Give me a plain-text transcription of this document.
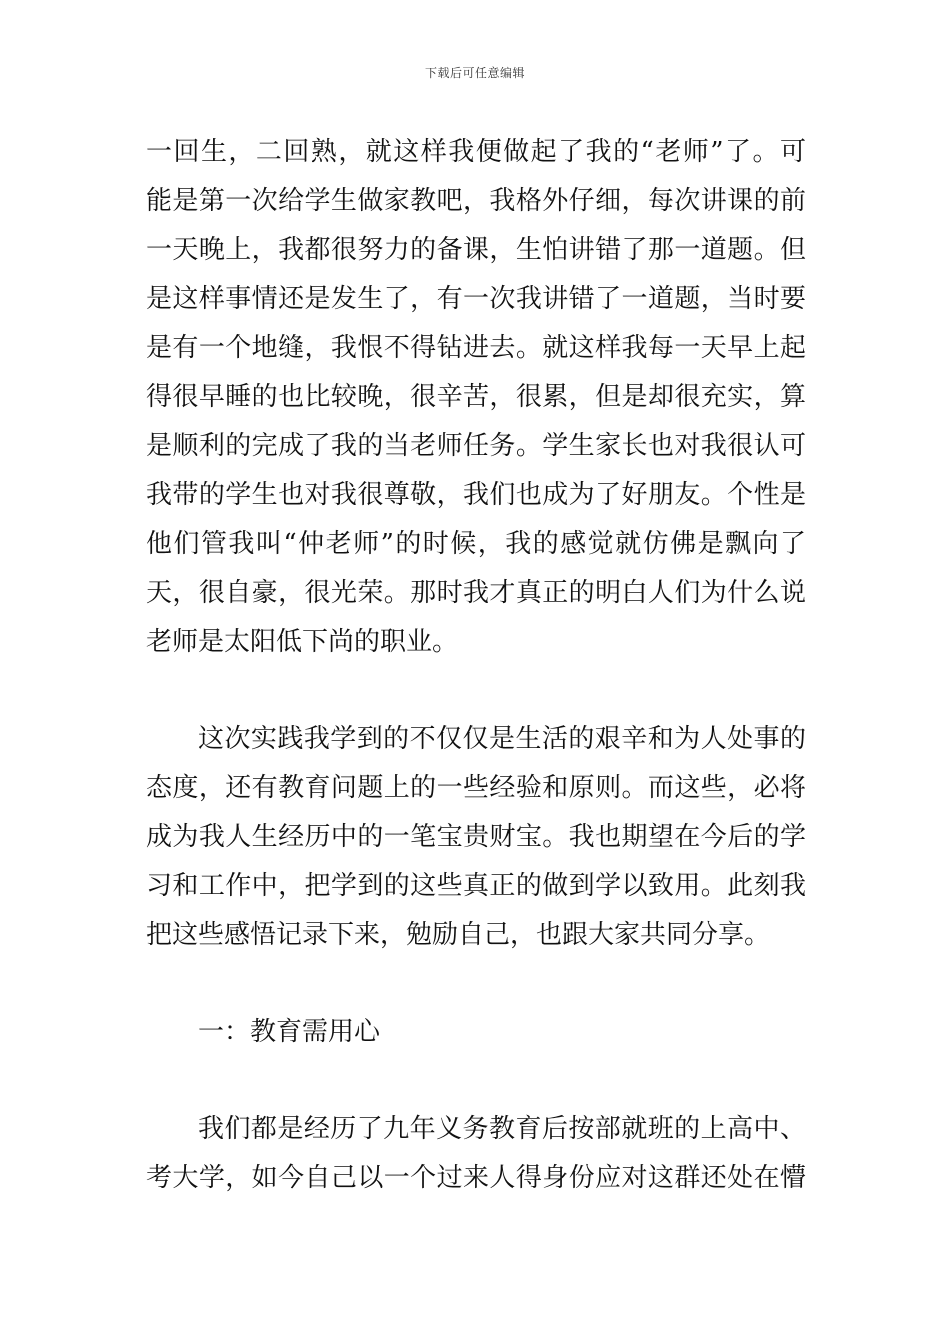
下载后可任意编辑
一回生，二回熟，就这样我便做起了我的“老师”了。可
能是第一次给学生做家教吧，我格外仔细，每次讲课的前
一天晚上，我都很努力的备课，生怕讲错了那一道题。但
是这样事情还是发生了，有一次我讲错了一道题，当时要
是有一个地缝，我恨不得钻进去。就这样我每一天早上起
得很早睡的也比较晚，很辛苦，很累，但是却很充实，算
是顺利的完成了我的当老师任务。学生家长也对我很认可
我带的学生也对我很尊敬，我们也成为了好朋友。个性是
他们管我叫“仲老师”的时候，我的感觉就仿佛是飘向了
天，很自豪，很光荣。那时我才真正的明白人们为什么说
老师是太阳低下尚的职业。
这次实践我学到的不仅仅是生活的艰辛和为人处事的
态度，还有教育问题上的一些经验和原则。而这些，必将
成为我人生经历中的一笔宝贵财宝。我也期望在今后的学
习和工作中，把学到的这些真正的做到学以致用。此刻我
把这些感悟记录下来，勉励自己，也跟大家共同分享。
一：教育需用心
我们都是经历了九年义务教育后按部就班的上高中、
考大学，如今自己以一个过来人得身份应对这群还处在懵
